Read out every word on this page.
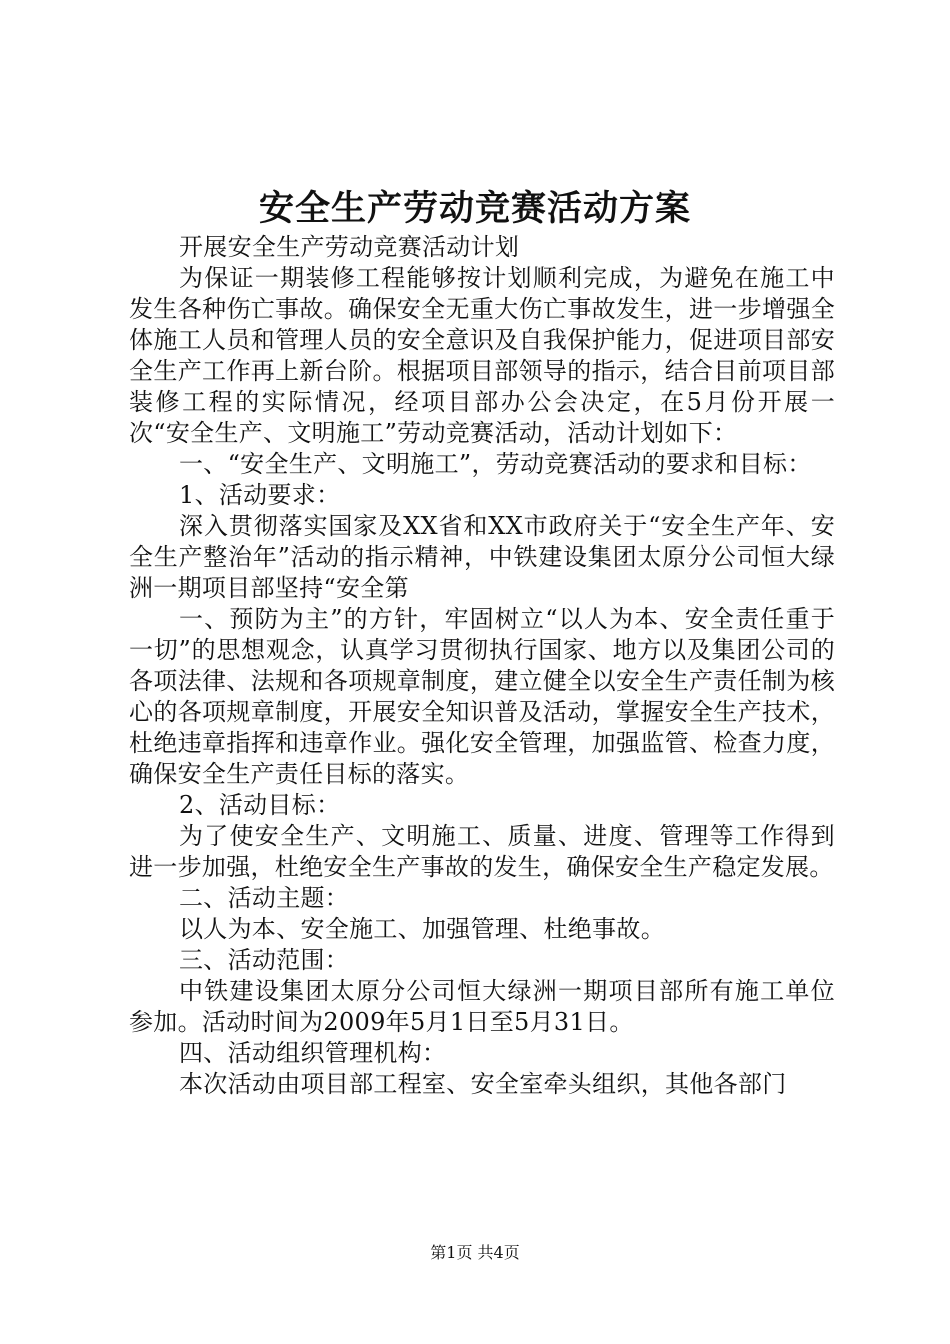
安全生产劳动竞赛活动方案

开展安全生产劳动竞赛活动计划

为保证一期装修工程能够按计划顺利完成，为避免在施工中发生各种伤亡事故。确保安全无重大伤亡事故发生，进一步增强全体施工人员和管理人员的安全意识及自我保护能力，促进项目部安全生产工作再上新台阶。根据项目部领导的指示，结合目前项目部装修工程的实际情况，经项目部办公会决定，在5月份开展一次“安全生产、文明施工”劳动竞赛活动，活动计划如下：

一、“安全生产、文明施工”，劳动竞赛活动的要求和目标：

1、活动要求：

深入贯彻落实国家及XX省和XX市政府关于“安全生产年、安全生产整治年”活动的指示精神，中铁建设集团太原分公司恒大绿洲一期项目部坚持“安全第

一、预防为主”的方针，牢固树立“以人为本、安全责任重于一切”的思想观念，认真学习贯彻执行国家、地方以及集团公司的各项法律、法规和各项规章制度，建立健全以安全生产责任制为核心的各项规章制度，开展安全知识普及活动，掌握安全生产技术，杜绝违章指挥和违章作业。强化安全管理，加强监管、检查力度，确保安全生产责任目标的落实。

2、活动目标：

为了使安全生产、文明施工、质量、进度、管理等工作得到进一步加强，杜绝安全生产事故的发生，确保安全生产稳定发展。

二、活动主题：

以人为本、安全施工、加强管理、杜绝事故。

三、活动范围：

中铁建设集团太原分公司恒大绿洲一期项目部所有施工单位参加。活动时间为2009年5月1日至5月31日。

四、活动组织管理机构：

本次活动由项目部工程室、安全室牵头组织，其他各部门

第1页 共4页
